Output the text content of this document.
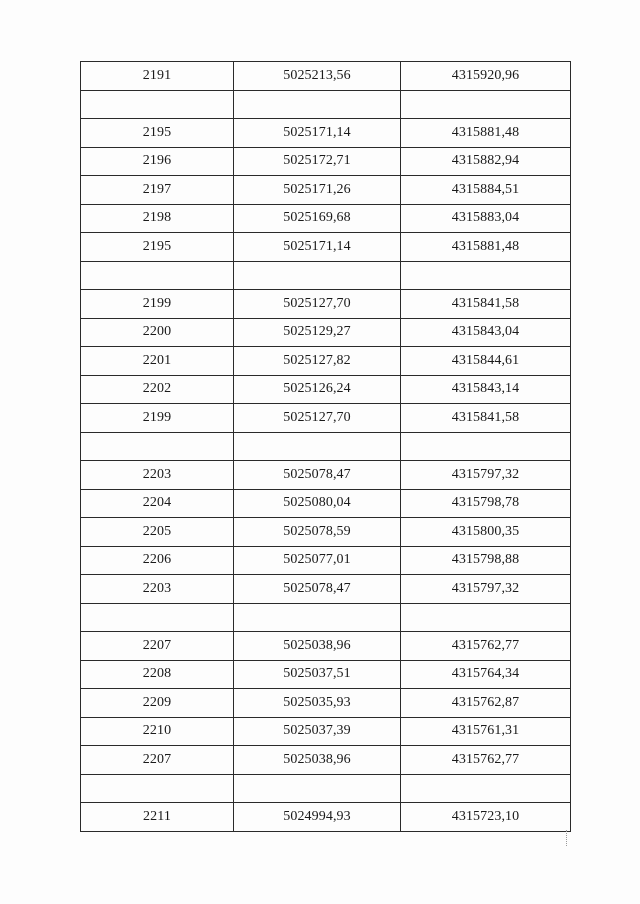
2191	5025213,56	4315920,96

2195	5025171,14	4315881,48
2196	5025172,71	4315882,94
2197	5025171,26	4315884,51
2198	5025169,68	4315883,04
2195	5025171,14	4315881,48

2199	5025127,70	4315841,58
2200	5025129,27	4315843,04
2201	5025127,82	4315844,61
2202	5025126,24	4315843,14
2199	5025127,70	4315841,58

2203	5025078,47	4315797,32
2204	5025080,04	4315798,78
2205	5025078,59	4315800,35
2206	5025077,01	4315798,88
2203	5025078,47	4315797,32

2207	5025038,96	4315762,77
2208	5025037,51	4315764,34
2209	5025035,93	4315762,87
2210	5025037,39	4315761,31
2207	5025038,96	4315762,77

2211	5024994,93	4315723,10
